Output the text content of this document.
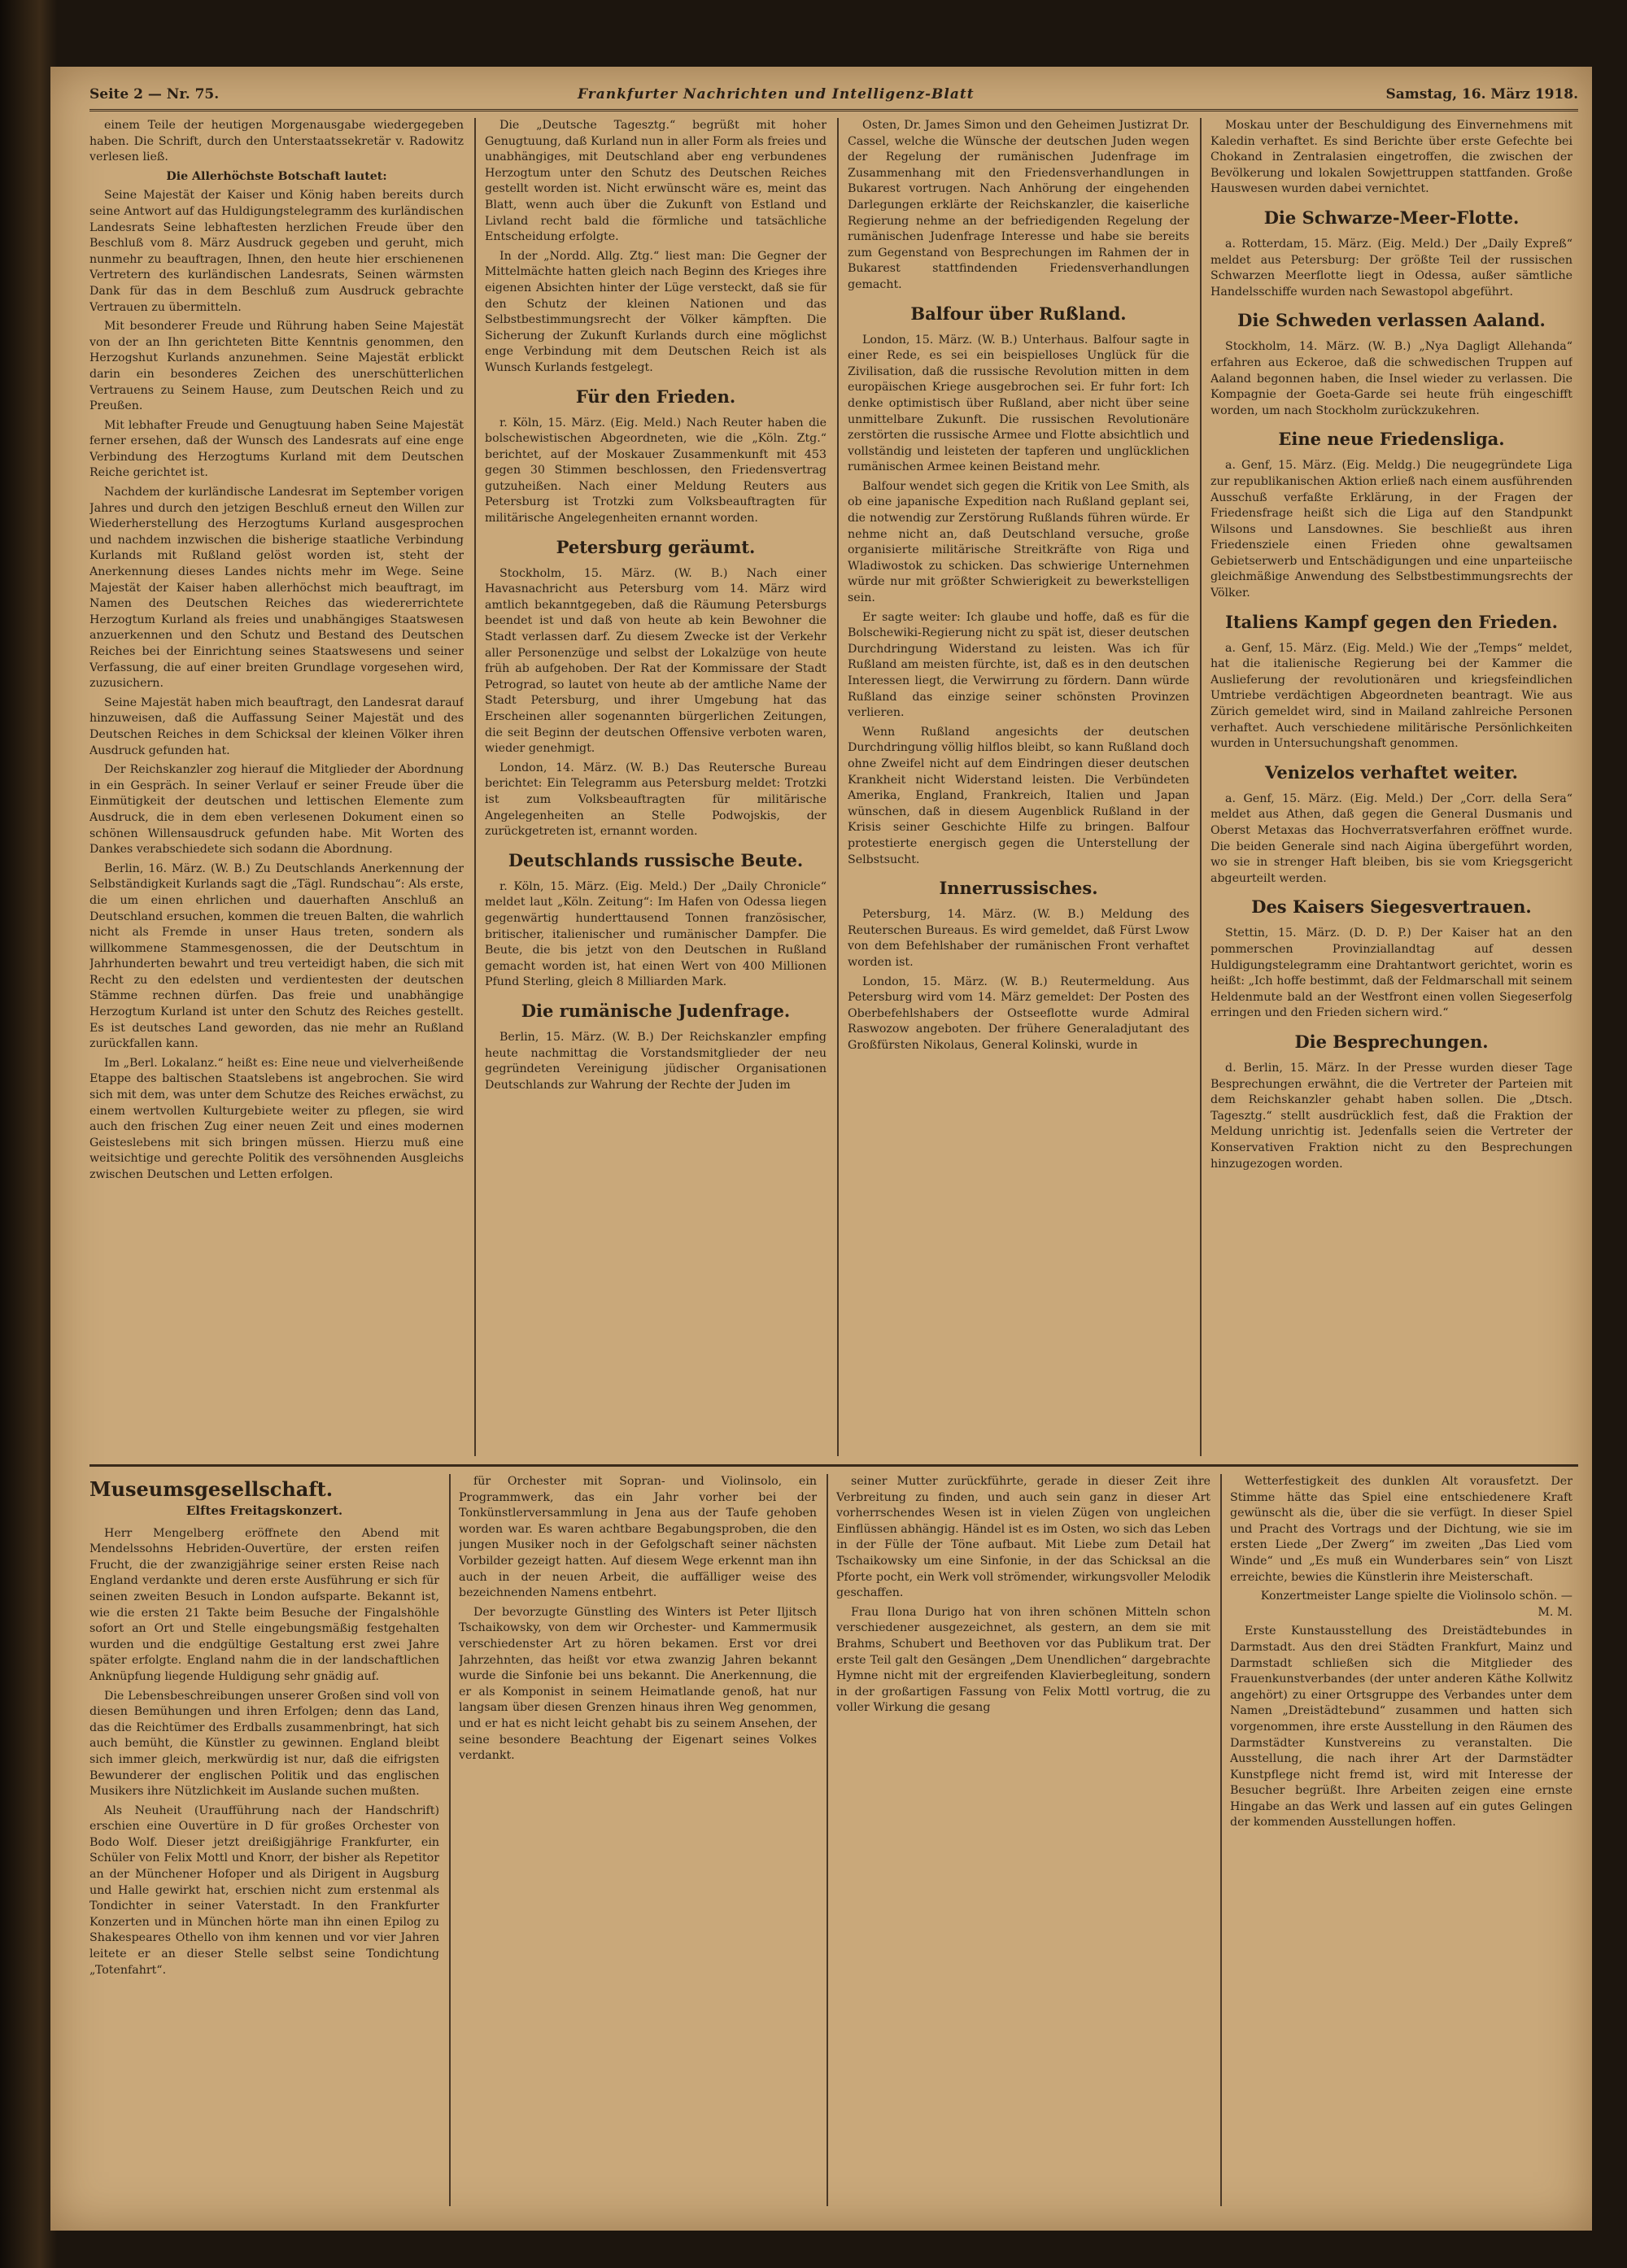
Seite 2 — Nr. 75.	Frankfurter Nachrichten und Intelligenz-Blatt	Samstag, 16. März 1918.

einem Teile der heutigen Morgenausgabe wiedergegeben haben. Die Schrift, durch den Unterstaatssekretär v. Radowitz verlesen ließ.

Die Allerhöchste Botschaft lautet:

Seine Majestät der Kaiser und König haben bereits durch seine Antwort auf das Huldigungstelegramm des kurländischen Landesrats Seine lebhaftesten herzlichen Freude über den Beschluß vom 8. März Ausdruck gegeben und geruht, mich nunmehr zu beauftragen, Ihnen, den heute hier erschienenen Vertretern des kurländischen Landesrats, Seinen wärmsten Dank für das in dem Beschluß zum Ausdruck gebrachte Vertrauen zu übermitteln.

Mit besonderer Freude und Rührung haben Seine Majestät von der an Ihn gerichteten Bitte Kenntnis genommen, den Herzogshut Kurlands anzunehmen. Seine Majestät erblickt darin ein besonderes Zeichen des unerschütterlichen Vertrauens zu Seinem Hause, zum Deutschen Reich und zu Preußen.

Mit lebhafter Freude und Genugtuung haben Seine Majestät ferner ersehen, daß der Wunsch des Landesrats auf eine enge Verbindung des Herzogtums Kurland mit dem Deutschen Reiche gerichtet ist.

Nachdem der kurländische Landesrat im September vorigen Jahres und durch den jetzigen Beschluß erneut den Willen zur Wiederherstellung des Herzogtums Kurland ausgesprochen und nachdem inzwischen die bisherige staatliche Verbindung Kurlands mit Rußland gelöst worden ist, steht der Anerkennung dieses Landes nichts mehr im Wege. Seine Majestät der Kaiser haben allerhöchst mich beauftragt, im Namen des Deutschen Reiches das wiedererrichtete Herzogtum Kurland als freies und unabhängiges Staatswesen anzuerkennen und den Schutz und Bestand des Deutschen Reiches bei der Einrichtung seines Staatswesens und seiner Verfassung, die auf einer breiten Grundlage vorgesehen wird, zuzusichern.

Seine Majestät haben mich beauftragt, den Landesrat darauf hinzuweisen, daß die Auffassung Seiner Majestät und des Deutschen Reiches in dem Schicksal der kleinen Völker ihren Ausdruck gefunden hat.

Der Reichskanzler zog hierauf die Mitglieder der Abordnung in ein Gespräch. In seiner Verlauf er seiner Freude über die Einmütigkeit der deutschen und lettischen Elemente zum Ausdruck, die in dem eben verlesenen Dokument einen so schönen Willensausdruck gefunden habe. Mit Worten des Dankes verabschiedete sich sodann die Abordnung.

Berlin, 16. März. (W. B.) Zu Deutschlands Anerkennung der Selbständigkeit Kurlands sagt die „Tägl. Rundschau“: Als erste, die um einen ehrlichen und dauerhaften Anschluß an Deutschland ersuchen, kommen die treuen Balten, die wahrlich nicht als Fremde in unser Haus treten, sondern als willkommene Stammesgenossen, die der Deutschtum in Jahrhunderten bewahrt und treu verteidigt haben, die sich mit Recht zu den edelsten und verdientesten der deutschen Stämme rechnen dürfen. Das freie und unabhängige Herzogtum Kurland ist unter den Schutz des Reiches gestellt. Es ist deutsches Land geworden, das nie mehr an Rußland zurückfallen kann.

Im „Berl. Lokalanz.“ heißt es: Eine neue und vielverheißende Etappe des baltischen Staatslebens ist angebrochen. Sie wird sich mit dem, was unter dem Schutze des Reiches erwächst, zu einem wertvollen Kulturgebiete weiter zu pflegen, sie wird auch den frischen Zug einer neuen Zeit und eines modernen Geisteslebens mit sich bringen müssen. Hierzu muß eine weitsichtige und gerechte Politik des versöhnenden Ausgleichs zwischen Deutschen und Letten erfolgen.

Die „Deutsche Tagesztg.“ begrüßt mit hoher Genugtuung, daß Kurland nun in aller Form als freies und unabhängiges, mit Deutschland aber eng verbundenes Herzogtum unter den Schutz des Deutschen Reiches gestellt worden ist. Nicht erwünscht wäre es, meint das Blatt, wenn auch über die Zukunft von Estland und Livland recht bald die förmliche und tatsächliche Entscheidung erfolgte.

In der „Nordd. Allg. Ztg.“ liest man: Die Gegner der Mittelmächte hatten gleich nach Beginn des Krieges ihre eigenen Absichten hinter der Lüge versteckt, daß sie für den Schutz der kleinen Nationen und das Selbstbestimmungsrecht der Völker kämpften. Die Sicherung der Zukunft Kurlands durch eine möglichst enge Verbindung mit dem Deutschen Reich ist als Wunsch Kurlands festgelegt.

Für den Frieden.

r. Köln, 15. März. (Eig. Meld.) Nach Reuter haben die bolschewistischen Abgeordneten, wie die „Köln. Ztg.“ berichtet, auf der Moskauer Zusammenkunft mit 453 gegen 30 Stimmen beschlossen, den Friedensvertrag gutzuheißen. Nach einer Meldung Reuters aus Petersburg ist Trotzki zum Volksbeauftragten für militärische Angelegenheiten ernannt worden.

Petersburg geräumt.

Stockholm, 15. März. (W. B.) Nach einer Havasnachricht aus Petersburg vom 14. März wird amtlich bekanntgegeben, daß die Räumung Petersburgs beendet ist und daß von heute ab kein Bewohner die Stadt verlassen darf. Zu diesem Zwecke ist der Verkehr aller Personenzüge und selbst der Lokalzüge von heute früh ab aufgehoben. Der Rat der Kommissare der Stadt Petrograd, so lautet von heute ab der amtliche Name der Stadt Petersburg, und ihrer Umgebung hat das Erscheinen aller sogenannten bürgerlichen Zeitungen, die seit Beginn der deutschen Offensive verboten waren, wieder genehmigt.

London, 14. März. (W. B.) Das Reutersche Bureau berichtet: Ein Telegramm aus Petersburg meldet: Trotzki ist zum Volksbeauftragten für militärische Angelegenheiten an Stelle Podwojskis, der zurückgetreten ist, ernannt worden.

Deutschlands russische Beute.

r. Köln, 15. März. (Eig. Meld.) Der „Daily Chronicle“ meldet laut „Köln. Zeitung“: Im Hafen von Odessa liegen gegenwärtig hunderttausend Tonnen französischer, britischer, italienischer und rumänischer Dampfer. Die Beute, die bis jetzt von den Deutschen in Rußland gemacht worden ist, hat einen Wert von 400 Millionen Pfund Sterling, gleich 8 Milliarden Mark.

Die rumänische Judenfrage.

Berlin, 15. März. (W. B.) Der Reichskanzler empfing heute nachmittag die Vorstandsmitglieder der neu gegründeten Vereinigung jüdischer Organisationen Deutschlands zur Wahrung der Rechte der Juden im

Osten, Dr. James Simon und den Geheimen Justizrat Dr. Cassel, welche die Wünsche der deutschen Juden wegen der Regelung der rumänischen Judenfrage im Zusammenhang mit den Friedensverhandlungen in Bukarest vortrugen. Nach Anhörung der eingehenden Darlegungen erklärte der Reichskanzler, die kaiserliche Regierung nehme an der befriedigenden Regelung der rumänischen Judenfrage Interesse und habe sie bereits zum Gegenstand von Besprechungen im Rahmen der in Bukarest stattfindenden Friedensverhandlungen gemacht.

Balfour über Rußland.

London, 15. März. (W. B.) Unterhaus. Balfour sagte in einer Rede, es sei ein beispielloses Unglück für die Zivilisation, daß die russische Revolution mitten in dem europäischen Kriege ausgebrochen sei. Er fuhr fort: Ich denke optimistisch über Rußland, aber nicht über seine unmittelbare Zukunft. Die russischen Revolutionäre zerstörten die russische Armee und Flotte absichtlich und vollständig und leisteten der tapferen und unglücklichen rumänischen Armee keinen Beistand mehr.

Balfour wendet sich gegen die Kritik von Lee Smith, als ob eine japanische Expedition nach Rußland geplant sei, die notwendig zur Zerstörung Rußlands führen würde. Er nehme nicht an, daß Deutschland versuche, große organisierte militärische Streitkräfte von Riga und Wladiwostok zu schicken. Das schwierige Unternehmen würde nur mit größter Schwierigkeit zu bewerkstelligen sein.

Er sagte weiter: Ich glaube und hoffe, daß es für die Bolschewiki-Regierung nicht zu spät ist, dieser deutschen Durchdringung Widerstand zu leisten. Was ich für Rußland am meisten fürchte, ist, daß es in den deutschen Interessen liegt, die Verwirrung zu fördern. Dann würde Rußland das einzige seiner schönsten Provinzen verlieren.

Wenn Rußland angesichts der deutschen Durchdringung völlig hilflos bleibt, so kann Rußland doch ohne Zweifel nicht auf dem Eindringen dieser deutschen Krankheit nicht Widerstand leisten. Die Verbündeten Amerika, England, Frankreich, Italien und Japan wünschen, daß in diesem Augenblick Rußland in der Krisis seiner Geschichte Hilfe zu bringen. Balfour protestierte energisch gegen die Unterstellung der Selbstsucht.

Innerrussisches.

Petersburg, 14. März. (W. B.) Meldung des Reuterschen Bureaus. Es wird gemeldet, daß Fürst Lwow von dem Befehlshaber der rumänischen Front verhaftet worden ist.

London, 15. März. (W. B.) Reutermeldung. Aus Petersburg wird vom 14. März gemeldet: Der Posten des Oberbefehlshabers der Ostseeflotte wurde Admiral Raswozow angeboten. Der frühere Generaladjutant des Großfürsten Nikolaus, General Kolinski, wurde in

Moskau unter der Beschuldigung des Einvernehmens mit Kaledin verhaftet. Es sind Berichte über erste Gefechte bei Chokand in Zentralasien eingetroffen, die zwischen der Bevölkerung und lokalen Sowjettruppen stattfanden. Große Hauswesen wurden dabei vernichtet.

Die Schwarze-Meer-Flotte.

a. Rotterdam, 15. März. (Eig. Meld.) Der „Daily Expreß“ meldet aus Petersburg: Der größte Teil der russischen Schwarzen Meerflotte liegt in Odessa, außer sämtliche Handelsschiffe wurden nach Sewastopol abgeführt.

Die Schweden verlassen Aaland.

Stockholm, 14. März. (W. B.) „Nya Dagligt Allehanda“ erfahren aus Eckeroe, daß die schwedischen Truppen auf Aaland begonnen haben, die Insel wieder zu verlassen. Die Kompagnie der Goeta-Garde sei heute früh eingeschifft worden, um nach Stockholm zurückzukehren.

Eine neue Friedensliga.

a. Genf, 15. März. (Eig. Meldg.) Die neugegründete Liga zur republikanischen Aktion erließ nach einem ausführenden Ausschuß verfaßte Erklärung, in der Fragen der Friedensfrage heißt sich die Liga auf den Standpunkt Wilsons und Lansdownes. Sie beschließt aus ihren Friedensziele einen Frieden ohne gewaltsamen Gebietserwerb und Entschädigungen und eine unparteiische gleichmäßige Anwendung des Selbstbestimmungsrechts der Völker.

Italiens Kampf gegen den Frieden.

a. Genf, 15. März. (Eig. Meld.) Wie der „Temps“ meldet, hat die italienische Regierung bei der Kammer die Auslieferung der revolutionären und kriegsfeindlichen Umtriebe verdächtigen Abgeordneten beantragt. Wie aus Zürich gemeldet wird, sind in Mailand zahlreiche Personen verhaftet. Auch verschiedene militärische Persönlichkeiten wurden in Untersuchungshaft genommen.

Venizelos verhaftet weiter.

a. Genf, 15. März. (Eig. Meld.) Der „Corr. della Sera“ meldet aus Athen, daß gegen die General Dusmanis und Oberst Metaxas das Hochverratsverfahren eröffnet wurde. Die beiden Generale sind nach Aigina übergeführt worden, wo sie in strenger Haft bleiben, bis sie vom Kriegsgericht abgeurteilt werden.

Des Kaisers Siegesvertrauen.

Stettin, 15. März. (D. D. P.) Der Kaiser hat an den pommerschen Provinziallandtag auf dessen Huldigungstelegramm eine Drahtantwort gerichtet, worin es heißt: „Ich hoffe bestimmt, daß der Feldmarschall mit seinem Heldenmute bald an der Westfront einen vollen Siegeserfolg erringen und den Frieden sichern wird.“

Die Besprechungen.

d. Berlin, 15. März. In der Presse wurden dieser Tage Besprechungen erwähnt, die die Vertreter der Parteien mit dem Reichskanzler gehabt haben sollen. Die „Dtsch. Tagesztg.“ stellt ausdrücklich fest, daß die Fraktion der Meldung unrichtig ist. Jedenfalls seien die Vertreter der Konservativen Fraktion nicht zu den Besprechungen hinzugezogen worden.

Museumsgesellschaft.
Elftes Freitagskonzert.

Herr Mengelberg eröffnete den Abend mit Mendelssohns Hebriden-Ouvertüre, der ersten reifen Frucht, die der zwanzigjährige seiner ersten Reise nach England verdankte und deren erste Ausführung er sich für seinen zweiten Besuch in London aufsparte. Bekannt ist, wie die ersten 21 Takte beim Besuche der Fingalshöhle sofort an Ort und Stelle eingebungsmäßig festgehalten wurden und die endgültige Gestaltung erst zwei Jahre später erfolgte. England nahm die in der landschaftlichen Anknüpfung liegende Huldigung sehr gnädig auf.

Die Lebensbeschreibungen unserer Großen sind voll von diesen Bemühungen und ihren Erfolgen; denn das Land, das die Reichtümer des Erdballs zusammenbringt, hat sich auch bemüht, die Künstler zu gewinnen. England bleibt sich immer gleich, merkwürdig ist nur, daß die eifrigsten Bewunderer der englischen Politik und das englischen Musikers ihre Nützlichkeit im Auslande suchen mußten.

Als Neuheit (Uraufführung nach der Handschrift) erschien eine Ouvertüre in D für großes Orchester von Bodo Wolf. Dieser jetzt dreißigjährige Frankfurter, ein Schüler von Felix Mottl und Knorr, der bisher als Repetitor an der Münchener Hofoper und als Dirigent in Augsburg und Halle gewirkt hat, erschien nicht zum erstenmal als Tondichter in seiner Vaterstadt. In den Frankfurter Konzerten und in München hörte man ihn einen Epilog zu Shakespeares Othello von ihm kennen und vor vier Jahren leitete er an dieser Stelle selbst seine Tondichtung „Totenfahrt“.

für Orchester mit Sopran- und Violinsolo, ein Programmwerk, das ein Jahr vorher bei der Tonkünstlerversammlung in Jena aus der Taufe gehoben worden war. Es waren achtbare Begabungsproben, die den jungen Musiker noch in der Gefolgschaft seiner nächsten Vorbilder gezeigt hatten. Auf diesem Wege erkennt man ihn auch in der neuen Arbeit, die auffälliger weise des bezeichnenden Namens entbehrt.

Der bevorzugte Günstling des Winters ist Peter Iljitsch Tschaikowsky, von dem wir Orchester- und Kammermusik verschiedenster Art zu hören bekamen. Erst vor drei Jahrzehnten, das heißt vor etwa zwanzig Jahren bekannt wurde die Sinfonie bei uns bekannt. Die Anerkennung, die er als Komponist in seinem Heimatlande genoß, hat nur langsam über diesen Grenzen hinaus ihren Weg genommen, und er hat es nicht leicht gehabt bis zu seinem Ansehen, der seine besondere Beachtung der Eigenart seines Volkes verdankt.

seiner Mutter zurückführte, gerade in dieser Zeit ihre Verbreitung zu finden, und auch sein ganz in dieser Art vorherrschendes Wesen ist in vielen Zügen von ungleichen Einflüssen abhängig. Händel ist es im Osten, wo sich das Leben in der Fülle der Töne aufbaut. Mit Liebe zum Detail hat Tschaikowsky um eine Sinfonie, in der das Schicksal an die Pforte pocht, ein Werk voll strömender, wirkungsvoller Melodik geschaffen.

Frau Ilona Durigo hat von ihren schönen Mitteln schon verschiedener ausgezeichnet, als gestern, an dem sie mit Brahms, Schubert und Beethoven vor das Publikum trat. Der erste Teil galt den Gesängen „Dem Unendlichen“ dargebrachte Hymne nicht mit der ergreifenden Klavierbegleitung, sondern in der großartigen Fassung von Felix Mottl vortrug, die zu voller Wirkung die gesang

Wetterfestigkeit des dunklen Alt vorausfetzt. Der Stimme hätte das Spiel eine entschiedenere Kraft gewünscht als die, über die sie verfügt. In dieser Spiel und Pracht des Vortrags und der Dichtung, wie sie im ersten Liede „Der Zwerg“ im zweiten „Das Lied vom Winde“ und „Es muß ein Wunderbares sein“ von Liszt erreichte, bewies die Künstlerin ihre Meisterschaft.

Konzertmeister Lange spielte die Violinsolo schön. — M. M.

Erste Kunstausstellung des Dreistädtebundes in Darmstadt. Aus den drei Städten Frankfurt, Mainz und Darmstadt schließen sich die Mitglieder des Frauenkunstverbandes (der unter anderen Käthe Kollwitz angehört) zu einer Ortsgruppe des Verbandes unter dem Namen „Dreistädtebund“ zusammen und hatten sich vorgenommen, ihre erste Ausstellung in den Räumen des Darmstädter Kunstvereins zu veranstalten. Die Ausstellung, die nach ihrer Art der Darmstädter Kunstpflege nicht fremd ist, wird mit Interesse der Besucher begrüßt. Ihre Arbeiten zeigen eine ernste Hingabe an das Werk und lassen auf ein gutes Gelingen der kommenden Ausstellungen hoffen.
